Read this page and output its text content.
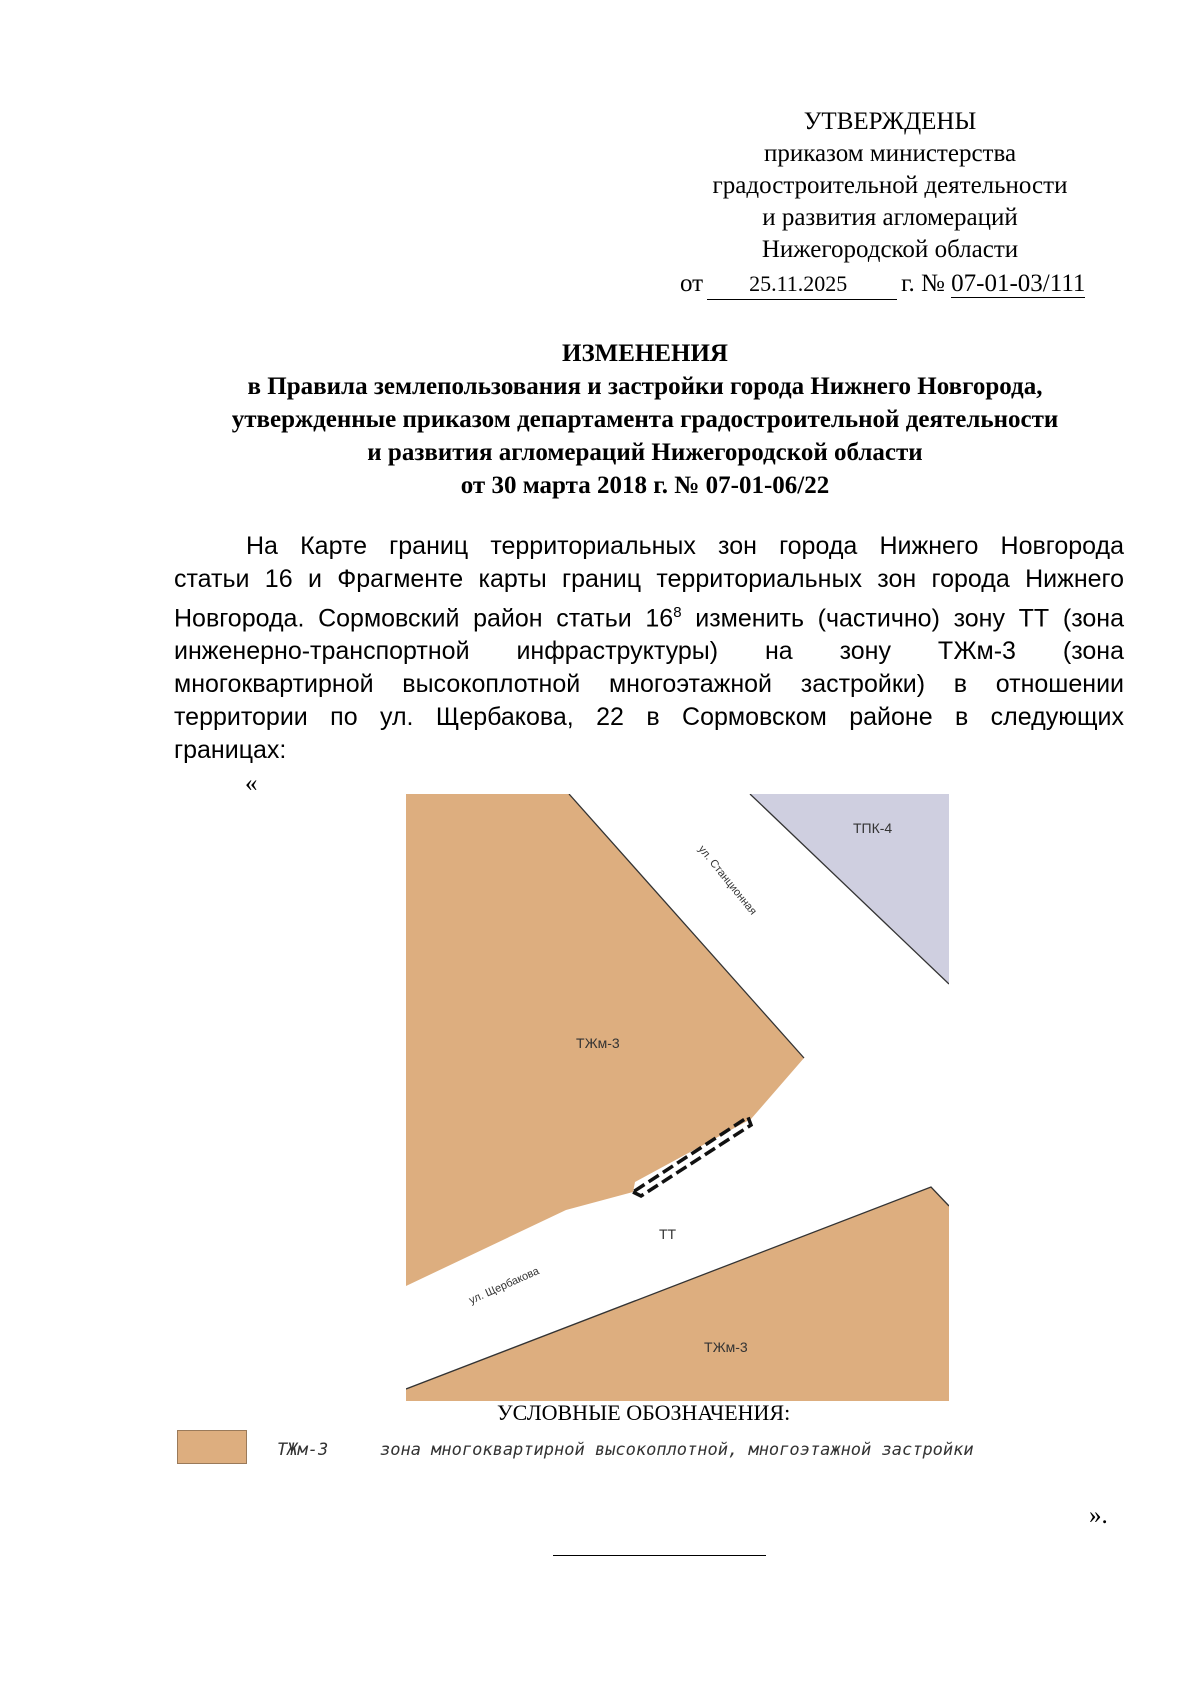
УТВЕРЖДЕНЫ
приказом министерства
градостроительной деятельности
и развития агломераций
Нижегородской области
от 25.11.2025 г. № 07-01-03/111
ИЗМЕНЕНИЯ
в Правила землепользования и застройки города Нижнего Новгорода,
утвержденные приказом департамента градостроительной деятельности
и развития агломераций Нижегородской области
от 30 марта 2018 г. № 07-01-06/22
На Карте границ территориальных зон города Нижнего Новгорода
статьи 16 и Фрагменте карты границ территориальных зон города Нижнего
Новгорода. Сормовский район статьи $16^8$ изменить (частично) зону ТТ (зона
инженерно-транспортной инфраструктуры) на зону ТЖм-3 (зона
многоквартирной высокоплотной многоэтажной застройки) в отношении
территории по ул. Щербакова, 22 в Сормовском районе в следующих
границах:
«
ТПК-4
ТЖм-3
ТТ
ТЖм-3
ул. Станционная
ул. Щербакова
УСЛОВНЫЕ ОБОЗНАЧЕНИЯ:
ТЖм-3	зона многоквартирной высокоплотной, многоэтажной застройки
».
